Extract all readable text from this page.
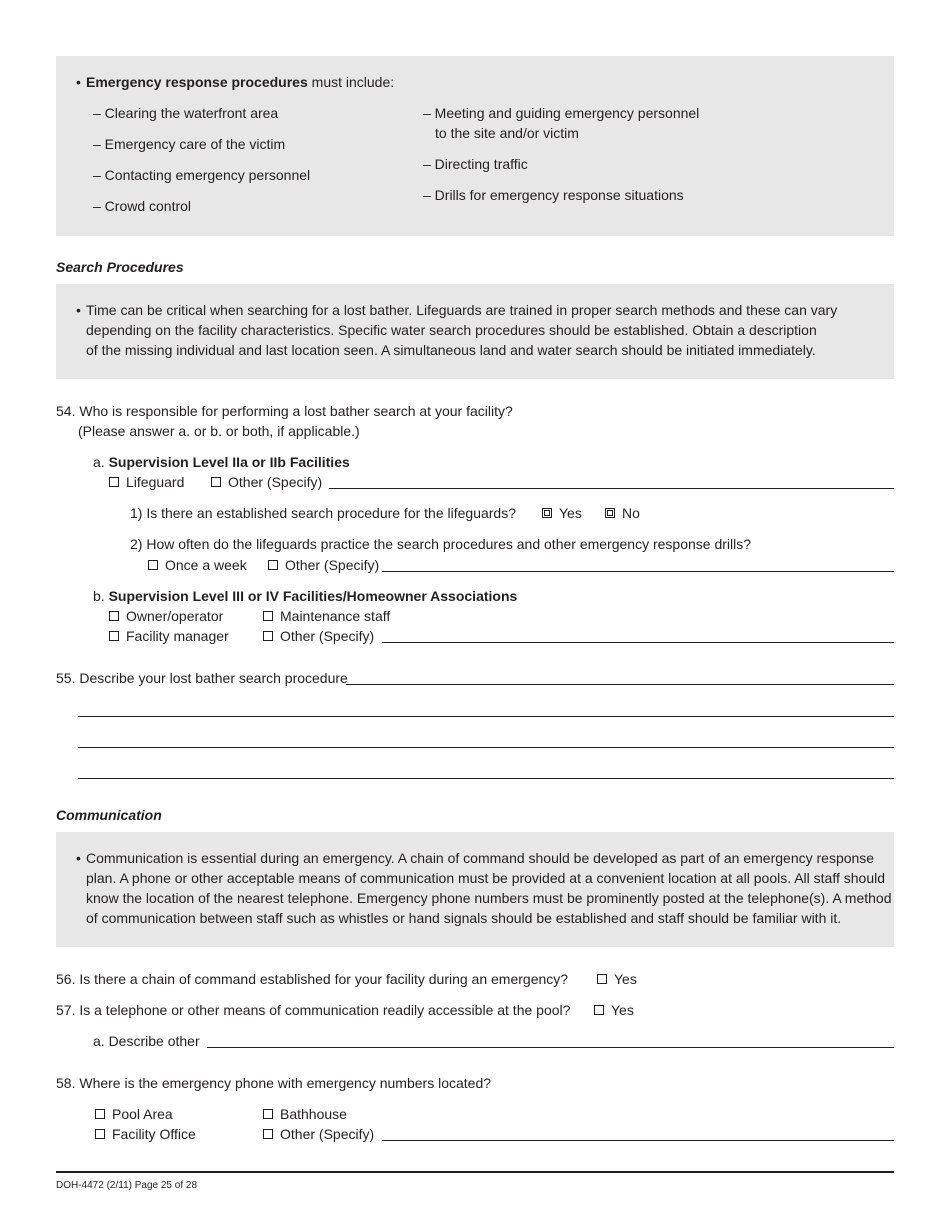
• Emergency response procedures must include:
– Clearing the waterfront area
– Emergency care of the victim
– Contacting emergency personnel
– Crowd control
– Meeting and guiding emergency personnel
to the site and/or victim
– Directing traffic
– Drills for emergency response situations
Search Procedures
• Time can be critical when searching for a lost bather. Lifeguards are trained in proper search methods and these can vary
depending on the facility characteristics. Specific water search procedures should be established. Obtain a description
of the missing individual and last location seen. A simultaneous land and water search should be initiated immediately.
54. Who is responsible for performing a lost bather search at your facility?
(Please answer a. or b. or both, if applicable.)
a. Supervision Level IIa or IIb Facilities
Lifeguard	Other (Specify)
1) Is there an established search procedure for the lifeguards?	Yes	No
2) How often do the lifeguards practice the search procedures and other emergency response drills?
Once a week	Other (Specify)
b. Supervision Level III or IV Facilities/Homeowner Associations
Owner/operator	Maintenance staff
Facility manager	Other (Specify)
55. Describe your lost bather search procedure
Communication
• Communication is essential during an emergency. A chain of command should be developed as part of an emergency response
plan. A phone or other acceptable means of communication must be provided at a convenient location at all pools. All staff should
know the location of the nearest telephone. Emergency phone numbers must be prominently posted at the telephone(s). A method
of communication between staff such as whistles or hand signals should be established and staff should be familiar with it.
56. Is there a chain of command established for your facility during an emergency?	Yes
57. Is a telephone or other means of communication readily accessible at the pool?	Yes
a. Describe other
58. Where is the emergency phone with emergency numbers located?
Pool Area	Bathhouse
Facility Office	Other (Specify)
DOH-4472 (2/11) Page 25 of 28
